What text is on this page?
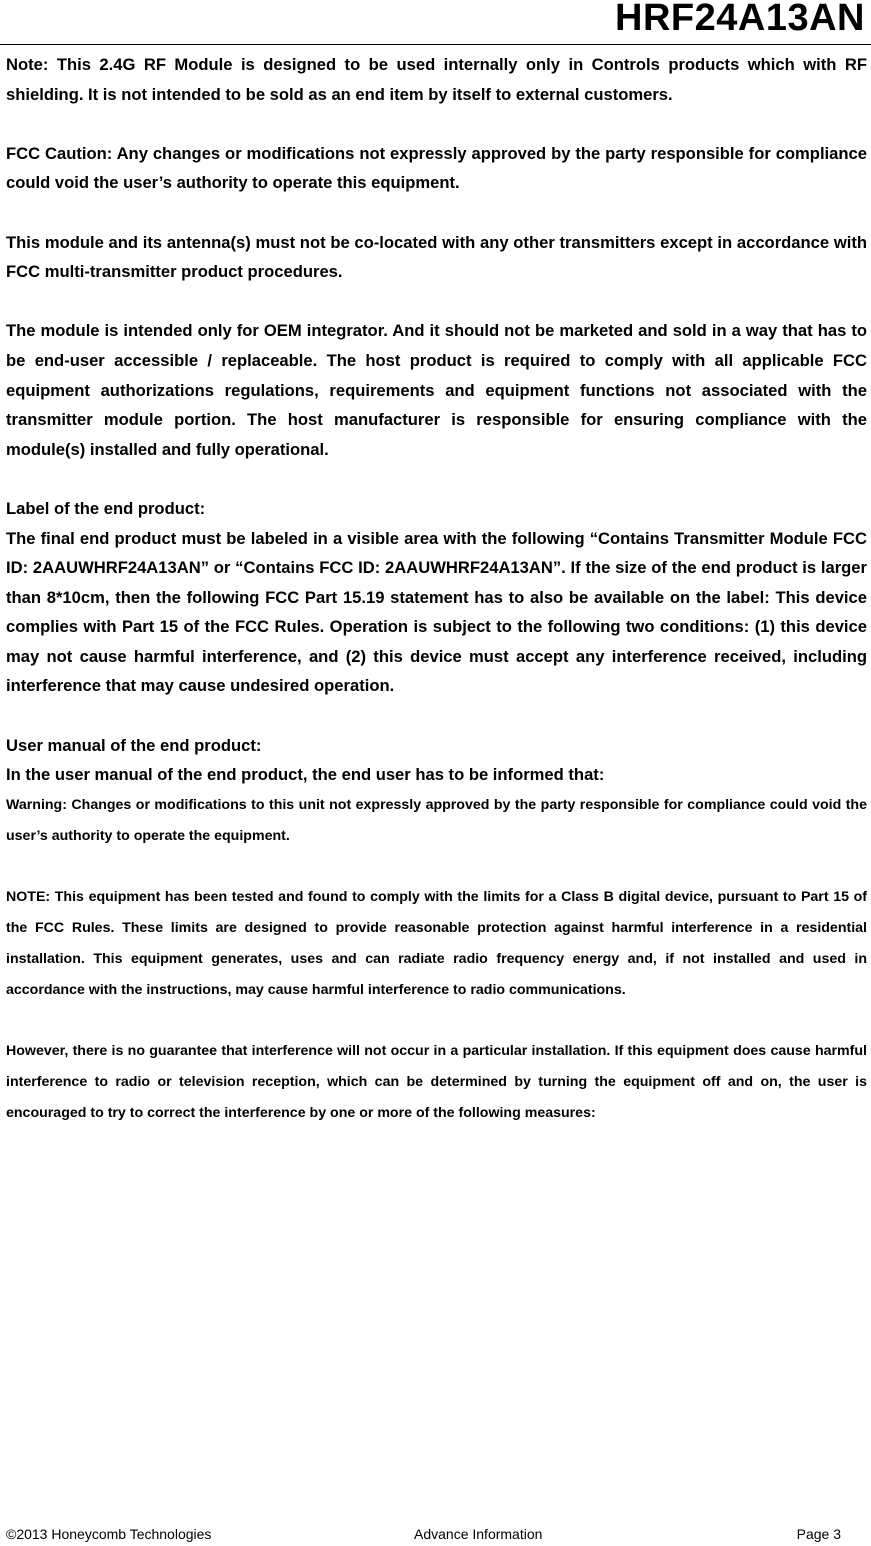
HRF24A13AN

Note: This 2.4G RF Module is designed to be used internally only in Controls products which with RF shielding. It is not intended to be sold as an end item by itself to external customers.

FCC Caution: Any changes or modifications not expressly approved by the party responsible for compliance could void the user’s authority to operate this equipment.

This module and its antenna(s) must not be co-located with any other transmitters except in accordance with FCC multi-transmitter product procedures.

The module is intended only for OEM integrator. And it should not be marketed and sold in a way that has to be end-user accessible / replaceable. The host product is required to comply with all applicable FCC equipment authorizations regulations, requirements and equipment functions not associated with the transmitter module portion. The host manufacturer is responsible for ensuring compliance with the module(s) installed and fully operational.

Label of the end product:

The final end product must be labeled in a visible area with the following “Contains Transmitter Module FCC ID: 2AAUWHRF24A13AN” or “Contains FCC ID: 2AAUWHRF24A13AN”. If the size of the end product is larger than 8*10cm, then the following FCC Part 15.19 statement has to also be available on the label: This device complies with Part 15 of the FCC Rules. Operation is subject to the following two conditions: (1) this device may not cause harmful interference, and (2) this device must accept any interference received, including interference that may cause undesired operation.

User manual of the end product:

In the user manual of the end product, the end user has to be informed that:

Warning: Changes or modifications to this unit not expressly approved by the party responsible for compliance could void the user’s authority to operate the equipment.

NOTE: This equipment has been tested and found to comply with the limits for a Class B digital device, pursuant to Part 15 of the FCC Rules. These limits are designed to provide reasonable protection against harmful interference in a residential installation. This equipment generates, uses and can radiate radio frequency energy and, if not installed and used in accordance with the instructions, may cause harmful interference to radio communications.

However, there is no guarantee that interference will not occur in a particular installation. If this equipment does cause harmful interference to radio or television reception, which can be determined by turning the equipment off and on, the user is encouraged to try to correct the interference by one or more of the following measures:

©2013 Honeycomb Technologies	Advance Information	Page 3
